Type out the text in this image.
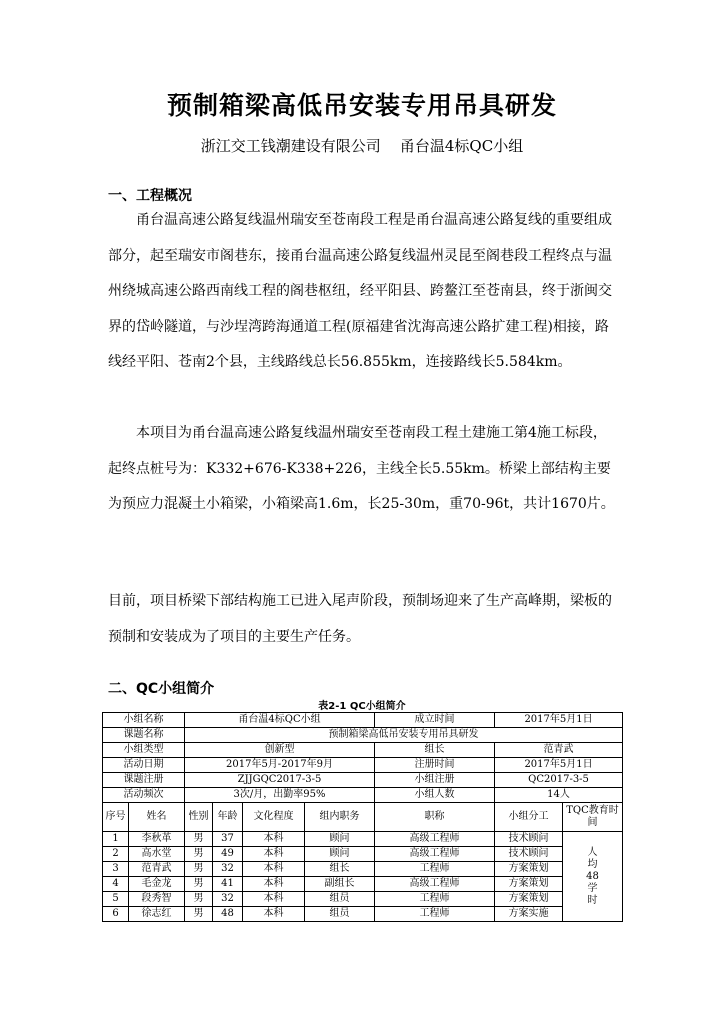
预制箱梁高低吊安装专用吊具研发
浙江交工钱潮建设有限公司    甬台温4标QC小组
一、工程概况

甬台温高速公路复线温州瑞安至苍南段工程是甬台温高速公路复线的重要组成部分，起至瑞安市阁巷东，接甬台温高速公路复线温州灵昆至阁巷段工程终点与温州绕城高速公路西南线工程的阁巷枢纽，经平阳县、跨鳌江至苍南县，终于浙闽交界的岱岭隧道，与沙埕湾跨海通道工程(原福建省沈海高速公路扩建工程)相接，路线经平阳、苍南2个县，主线路线总长56.855km，连接路线长5.584km。

本项目为甬台温高速公路复线温州瑞安至苍南段工程土建施工第4施工标段，起终点桩号为：K332+676-K338+226，主线全长5.55km。桥梁上部结构主要为预应力混凝土小箱梁，小箱梁高1.6m，长25-30m，重70-96t，共计1670片。

目前，项目桥梁下部结构施工已进入尾声阶段，预制场迎来了生产高峰期，梁板的预制和安装成为了项目的主要生产任务。

二、QC小组简介
表2-1 QC小组简介
小组名称		甬台温4标QC小组				成立时间	2017年5月1日	
课题名称		预制箱梁高低吊安装专用吊具研发						
小组类型		创新型				组长	范青武	
活动日期		2017年5月-2017年9月				注册时间	2017年5月1日	
课题注册		ZJJGQC2017-3-5				小组注册	QC2017-3-5	
活动频次		3次/月，出勤率95%				小组人数	14人	
序号	姓名	性别	年龄	文化程度	组内职务	职称	小组分工	TQC教育时间
1	李秋革	男	37	本科	顾问	高级工程师	技术顾问	人均48学时
2	高水堂	男	49	本科	顾问	高级工程师	技术顾问	
3	范青武	男	32	本科	组长	工程师	方案策划	
4	毛金龙	男	41	本科	副组长	高级工程师	方案策划	
5	段秀智	男	32	本科	组员	工程师	方案策划	
6	徐志红	男	48	本科	组员	工程师	方案实施	
